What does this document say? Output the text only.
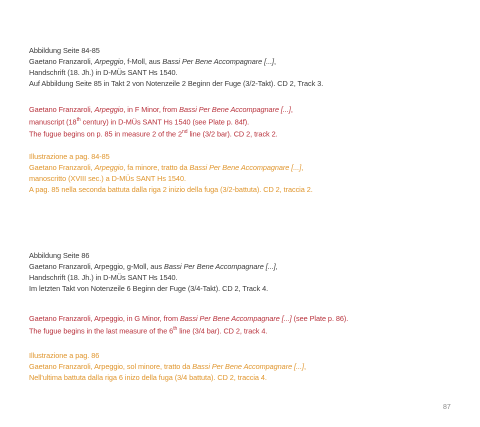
Abbildung Seite 84-85
Gaetano Franzaroli, Arpeggio, f-Moll, aus Bassi Per Bene Accompagnare [...],
Handschrift (18. Jh.) in D-MÜs SANT Hs 1540.
Auf Abbildung Seite 85 in Takt 2 von Notenzeile 2 Beginn der Fuge (3/2-Takt). CD 2, Track 3.
Gaetano Franzaroli, Arpeggio, in F Minor, from Bassi Per Bene Accompagnare [...],
manuscript (18th century) in D-MÜs SANT Hs 1540 (see Plate p. 84f).
The fugue begins on p. 85 in measure 2 of the 2nd line (3/2 bar). CD 2, track 2.
Illustrazione a pag. 84-85
Gaetano Franzaroli, Arpeggio, fa minore, tratto da Bassi Per Bene Accompagnare [...],
manoscritto (XVIII sec.) a D-MÜs SANT Hs 1540.
A pag. 85 nella seconda battuta dalla riga 2 inizio della fuga (3/2-battuta). CD 2, traccia 2.
Abbildung Seite 86
Gaetano Franzaroli, Arpeggio, g-Moll, aus Bassi Per Bene Accompagnare [...],
Handschrift (18. Jh.) in D-MÜs SANT Hs 1540.
Im letzten Takt von Notenzeile 6 Beginn der Fuge (3/4-Takt). CD 2, Track 4.
Gaetano Franzaroli, Arpeggio, in G Minor, from Bassi Per Bene Accompagnare [...] (see Plate p. 86).
The fugue begins in the last measure of the 6th line (3/4 bar). CD 2, track 4.
Illustrazione a pag. 86
Gaetano Franzaroli, Arpeggio, sol minore, tratto da Bassi Per Bene Accompagnare [...],
Nell'ultima battuta dalla riga 6 inizo della fuga (3/4 battuta). CD 2, traccia 4.
87
